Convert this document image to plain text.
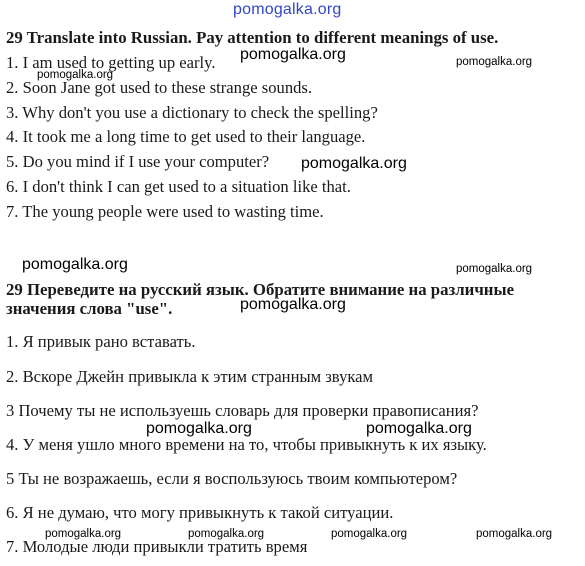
pomogalka.org
29 Translate into Russian. Pay attention to different meanings of use.
1. I am used to getting up early.
2. Soon Jane got used to these strange sounds.
3. Why don't you use a dictionary to check the spelling?
4. It took me a long time to get used to their language.
5. Do you mind if I use your computer?
6. I don't think I can get used to a situation like that.
7. The young people were used to wasting time.
29 Переведите на русский язык. Обратите внимание на различные
значения слова "use".
1. Я привык рано вставать.
2. Вскоре Джейн привыкла к этим странным звукам
3 Почему ты не используешь словарь для проверки правописания?
4. У меня ушло много времени на то, чтобы привыкнуть к их языку.
5 Ты не возражаешь, если я воспользуюсь твоим компьютером?
6. Я не думаю, что могу привыкнуть к такой ситуации.
7. Молодые люди привыкли тратить время
pomogalka.org
pomogalka.org
pomogalka.org
pomogalka.org
pomogalka.org	pomogalka.org
pomogalka.org
pomogalka.org
pomogalka.org
pomogalka.org	pomogalka.org	pomogalka.org	pomogalka.org
